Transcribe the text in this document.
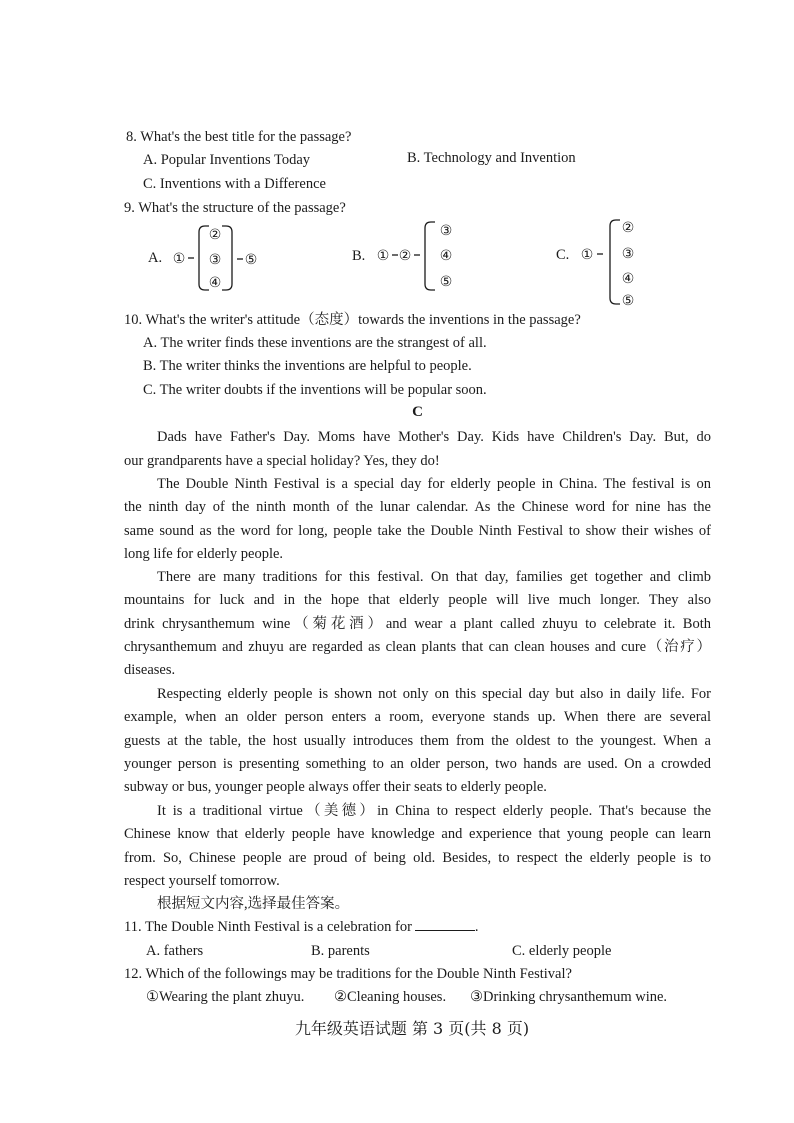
8. What's the best title for the passage?
A. Popular Inventions Today	B. Technology and Invention
C. Inventions with a Difference
9. What's the structure of the passage?
A. ①
②
③
④
⑤	B. ① ②
③
④
⑤
C. ①
②
③
④
⑤
10. What's the writer's attitude（态度）towards the inventions in the passage?
A. The writer finds these inventions are the strangest of all.
B. The writer thinks the inventions are helpful to people.
C. The writer doubts if the inventions will be popular soon.
C
Dads have Father's Day. Moms have Mother's Day. Kids have Children's Day. But, do
our grandparents have a special holiday? Yes, they do!
The Double Ninth Festival is a special day for elderly people in China. The festival is on
the ninth day of the ninth month of the lunar calendar. As the Chinese word for nine has the
same sound as the word for long, people take the Double Ninth Festival to show their wishes of
long life for elderly people.
There are many traditions for this festival. On that day, families get together and climb
mountains for luck and in the hope that elderly people will live much longer. They also
drink chrysanthemum wine（菊花酒）and wear a plant called zhuyu to celebrate it. Both
chrysanthemum and zhuyu are regarded as clean plants that can clean houses and cure（治疗）
diseases.
Respecting elderly people is shown not only on this special day but also in daily life. For
example, when an older person enters a room, everyone stands up. When there are several
guests at the table, the host usually introduces them from the oldest to the youngest. When a
younger person is presenting something to an older person, two hands are used. On a crowded
subway or bus, younger people always offer their seats to elderly people.
It is a traditional virtue（美德）in China to respect elderly people. That's because the
Chinese know that elderly people have knowledge and experience that young people can learn
from. So, Chinese people are proud of being old. Besides, to respect the elderly people is to
respect yourself tomorrow.
根据短文内容,选择最佳答案。
11. The Double Ninth Festival is a celebration for	.
A. fathers	B. parents	C. elderly people
12. Which of the followings may be traditions for the Double Ninth Festival?
①Wearing the plant zhuyu. ②Cleaning houses. ③Drinking chrysanthemum wine.
九年级英语试题 第 3 页(共 8 页)
